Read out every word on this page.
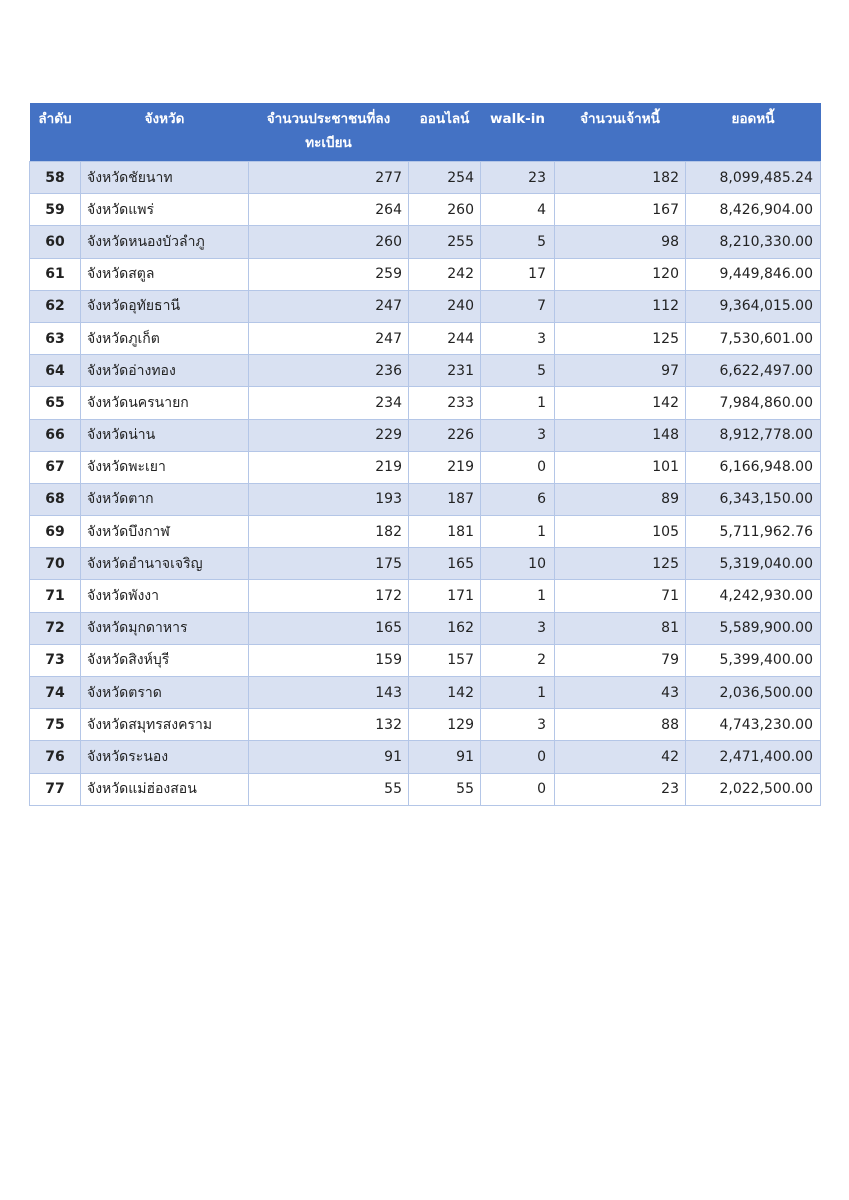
ลำดับ	จังหวัด	จำนวนประชาชนที่ลงทะเบียน	ออนไลน์	walk-in	จำนวนเจ้าหนี้	ยอดหนี้
58	จังหวัดชัยนาท	277	254	23	182	8,099,485.24
59	จังหวัดแพร่	264	260	4	167	8,426,904.00
60	จังหวัดหนองบัวลำภู	260	255	5	98	8,210,330.00
61	จังหวัดสตูล	259	242	17	120	9,449,846.00
62	จังหวัดอุทัยธานี	247	240	7	112	9,364,015.00
63	จังหวัดภูเก็ต	247	244	3	125	7,530,601.00
64	จังหวัดอ่างทอง	236	231	5	97	6,622,497.00
65	จังหวัดนครนายก	234	233	1	142	7,984,860.00
66	จังหวัดน่าน	229	226	3	148	8,912,778.00
67	จังหวัดพะเยา	219	219	0	101	6,166,948.00
68	จังหวัดตาก	193	187	6	89	6,343,150.00
69	จังหวัดบึงกาฬ	182	181	1	105	5,711,962.76
70	จังหวัดอำนาจเจริญ	175	165	10	125	5,319,040.00
71	จังหวัดพังงา	172	171	1	71	4,242,930.00
72	จังหวัดมุกดาหาร	165	162	3	81	5,589,900.00
73	จังหวัดสิงห์บุรี	159	157	2	79	5,399,400.00
74	จังหวัดตราด	143	142	1	43	2,036,500.00
75	จังหวัดสมุทรสงคราม	132	129	3	88	4,743,230.00
76	จังหวัดระนอง	91	91	0	42	2,471,400.00
77	จังหวัดแม่ฮ่องสอน	55	55	0	23	2,022,500.00
